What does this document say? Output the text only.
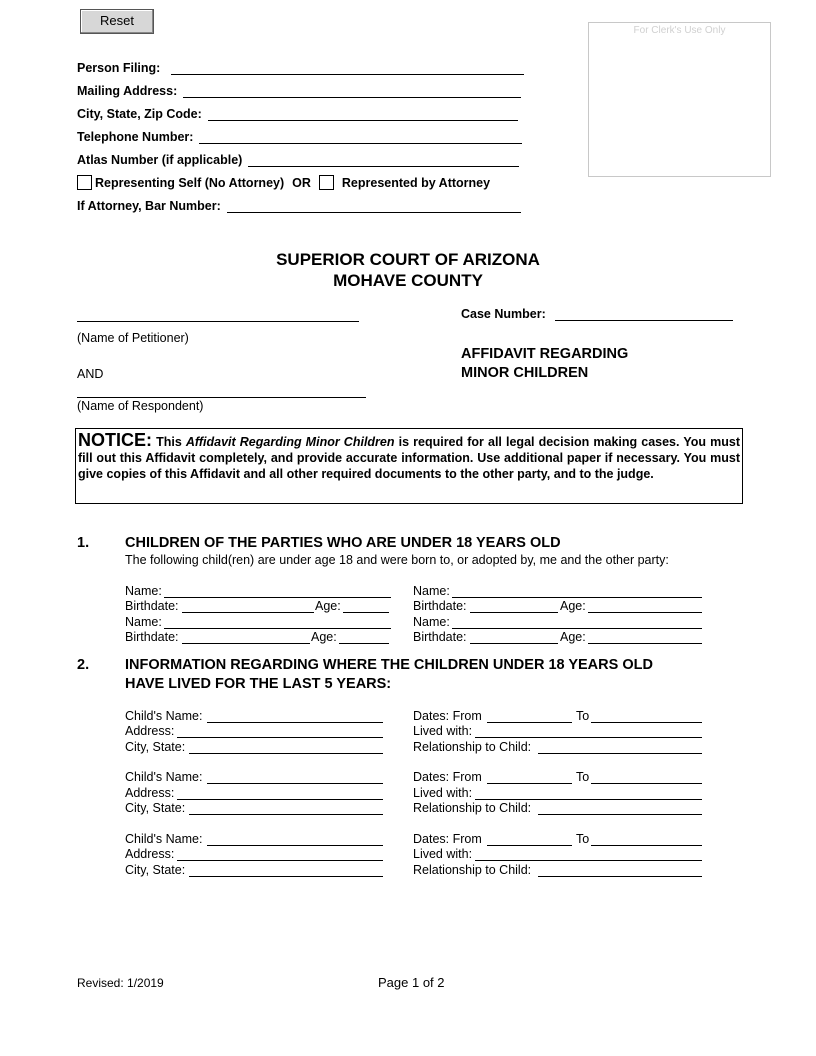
Reset
For Clerk's Use Only
Person Filing:
Mailing Address:
City, State, Zip Code:
Telephone Number:
Atlas Number (if applicable)
Representing Self (No Attorney) OR Represented by Attorney
If Attorney, Bar Number:
SUPERIOR COURT OF ARIZONA
MOHAVE COUNTY
(Name of Petitioner)
AND
(Name of Respondent)
Case Number:
AFFIDAVIT REGARDING
MINOR CHILDREN
NOTICE: This Affidavit Regarding Minor Children is required for all legal decision making cases. You must fill out this Affidavit completely, and provide accurate information. Use additional paper if necessary. You must give copies of this Affidavit and all other required documents to the other party, and to the judge.
1. CHILDREN OF THE PARTIES WHO ARE UNDER 18 YEARS OLD
The following child(ren) are under age 18 and were born to, or adopted by, me and the other party:
Name:
Birthdate:	Age:
Name:
Birthdate:	Age:
Name:
Birthdate:	Age:
Name:
Birthdate:	Age:
2. INFORMATION REGARDING WHERE THE CHILDREN UNDER 18 YEARS OLD
HAVE LIVED FOR THE LAST 5 YEARS:
Child's Name:
Address:
City, State:
Dates: From	To
Lived with:
Relationship to Child:
Child's Name:
Address:
City, State:
Dates: From	To
Lived with:
Relationship to Child:
Child's Name:
Address:
City, State:
Dates: From	To
Lived with:
Relationship to Child:
Revised: 1/2019	Page 1 of 2
